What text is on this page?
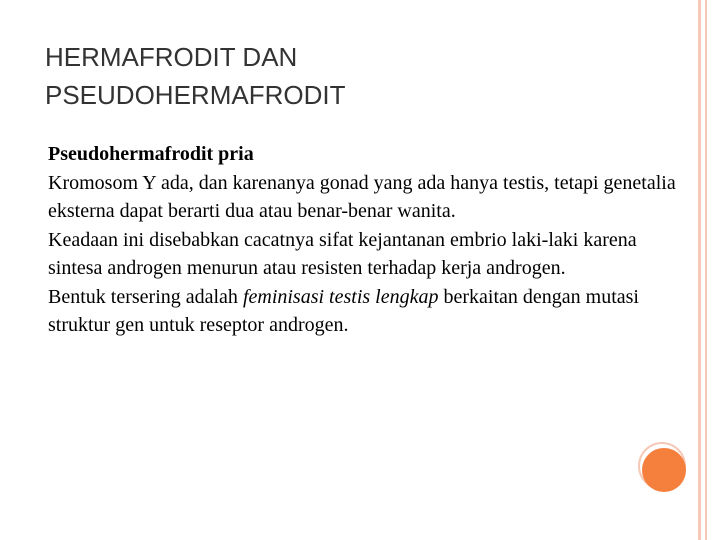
HERMAFRODIT DAN
PSEUDOHERMAFRODIT

Pseudohermafrodit pria

Kromosom Y ada, dan karenanya gonad yang ada hanya testis, tetapi genetalia eksterna dapat berarti dua atau benar-benar wanita.

Keadaan ini disebabkan cacatnya sifat kejantanan embrio laki-laki karena sintesa androgen menurun atau resisten terhadap kerja androgen.

Bentuk tersering adalah feminisasi testis lengkap berkaitan dengan mutasi struktur gen untuk reseptor androgen.
